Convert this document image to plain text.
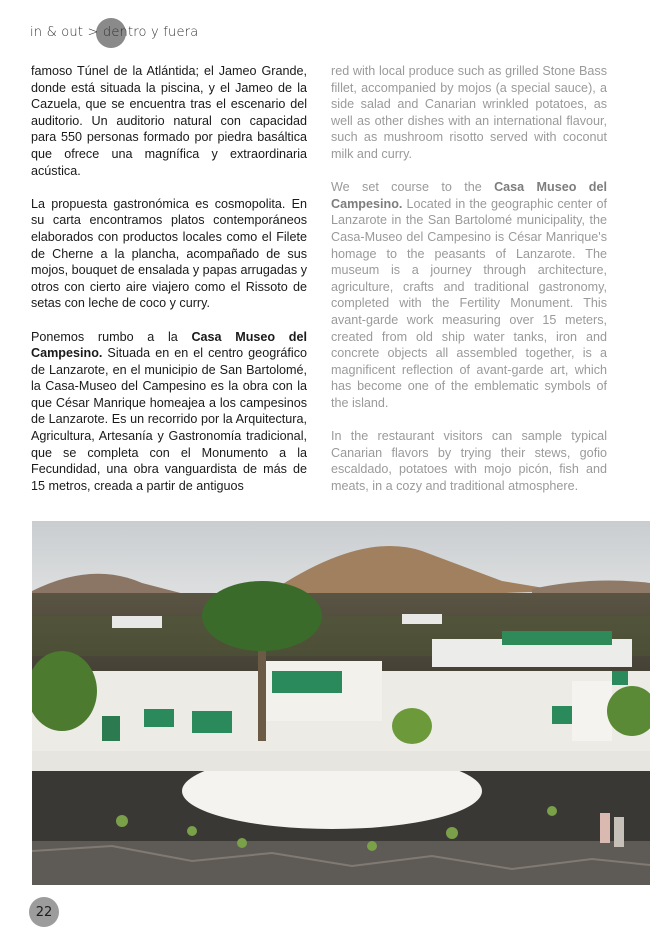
in & out > dentro y fuera

famoso Túnel de la Atlántida; el Jameo Grande, donde está situada la piscina, y el Jameo de la Cazuela, que se encuentra tras el escenario del auditorio. Un auditorio natural con capacidad para 550 personas formado por piedra basáltica que ofrece una magnífica y extraordinaria acústica.

La propuesta gastronómica es cosmopolita. En su carta encontramos platos contemporáneos elaborados con productos locales como el Filete de Cherne a la plancha, acompañado de sus mojos, bouquet de ensalada y papas arrugadas y otros con cierto aire viajero como el Rissoto de setas con leche de coco y curry.

Ponemos rumbo a la Casa Museo del Campesino. Situada en en el centro geográfico de Lanzarote, en el municipio de San Bartolomé, la Casa-Museo del Campesino es la obra con la que César Manrique homeajea a los campesinos de Lanzarote. Es un recorrido por la Arquitectura, Agricultura, Artesanía y Gastronomía tradicional, que se completa con el Monumento a la Fecundidad, una obra vanguardista de más de 15 metros, creada a partir de antiguos

red with local produce such as grilled Stone Bass fillet, accompanied by mojos (a special sauce), a side salad and Canarian wrinkled potatoes, as well as other dishes with an international flavour, such as mushroom risotto served with coconut milk and curry.

We set course to the Casa Museo del Campesino. Located in the geographic center of Lanzarote in the San Bartolomé municipality, the Casa-Museo del Campesino is César Manrique's homage to the peasants of Lanzarote. The museum is a journey through architecture, agriculture, crafts and traditional gastronomy, completed with the Fertility Monument. This avant-garde work measuring over 15 meters, created from old ship water tanks, iron and concrete objects all assembled together, is a magnificent reflection of avant-garde art, which has become one of the emblematic symbols of the island.

In the restaurant visitors can sample typical Canarian flavors by trying their stews, gofio escaldado, potatoes with mojo picón, fish and meats, in a cozy and traditional atmosphere.

22
